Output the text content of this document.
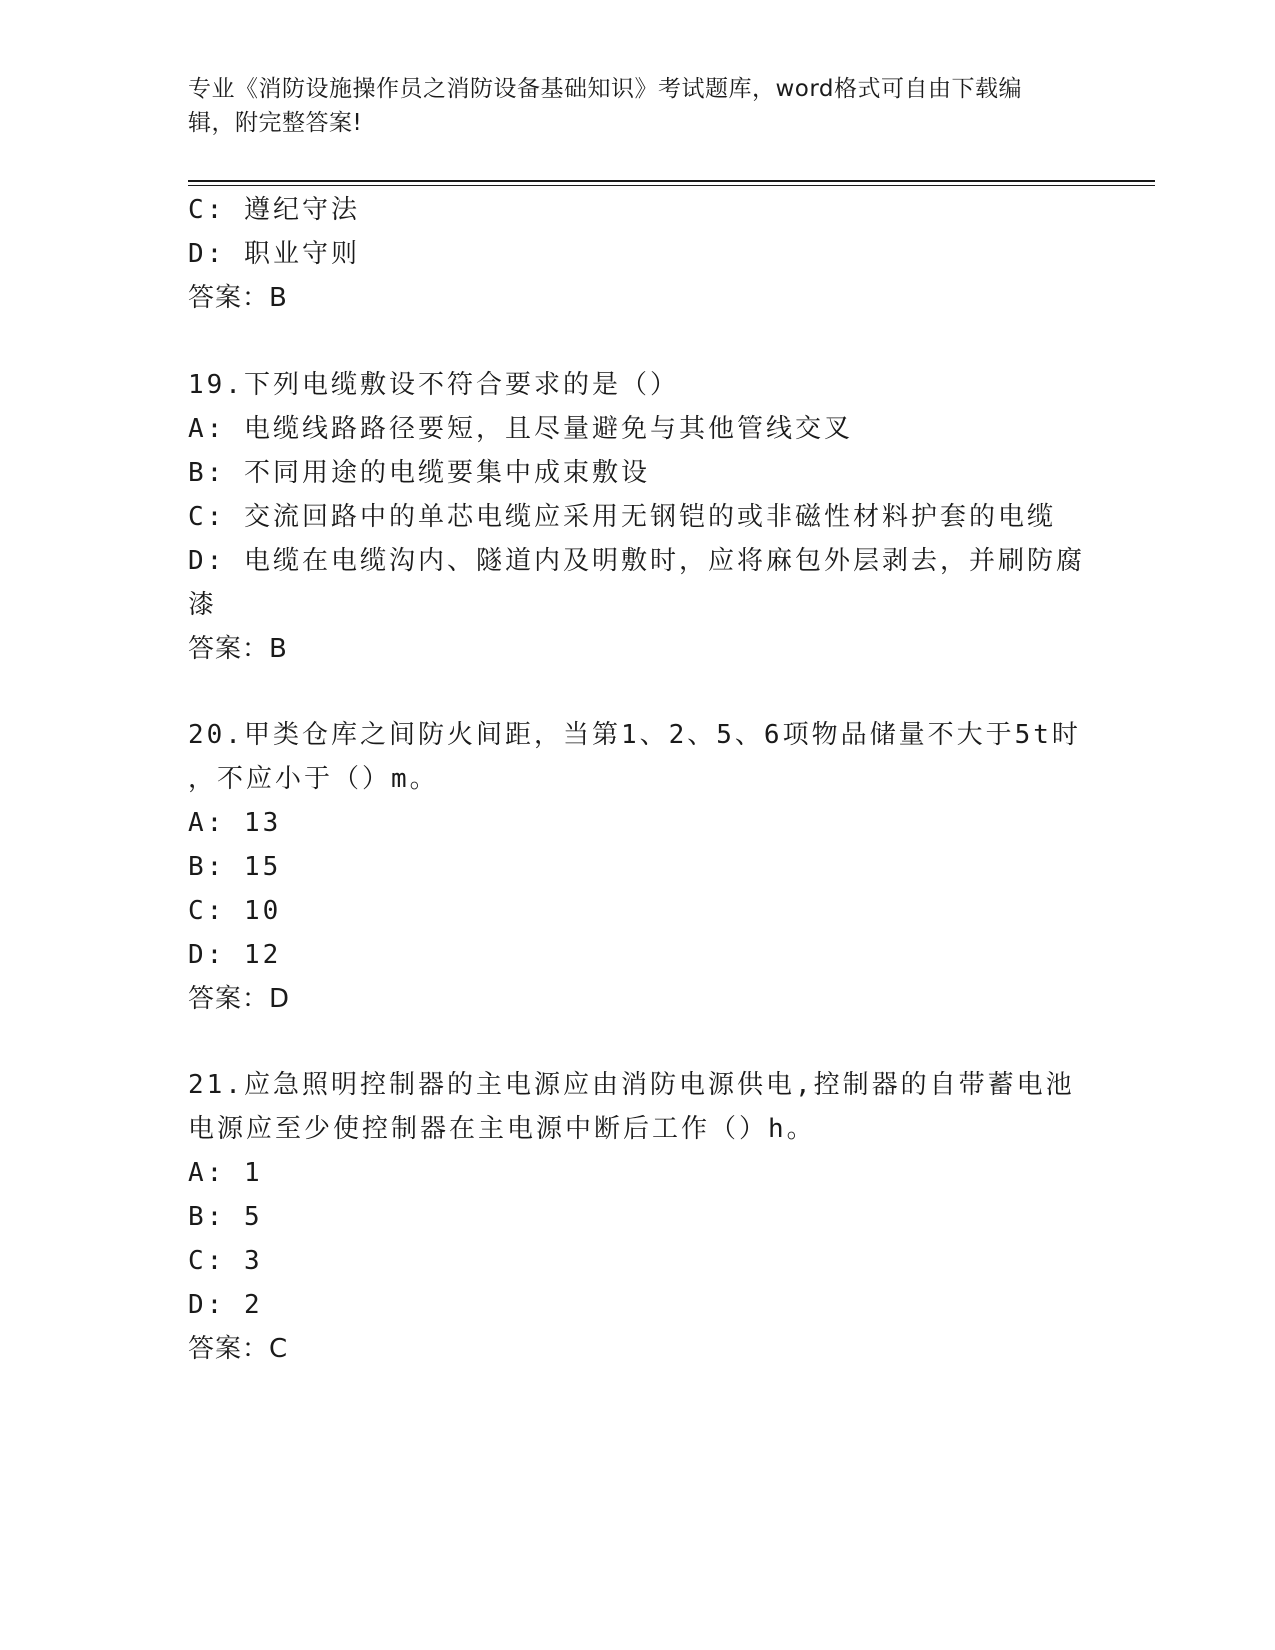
专业《消防设施操作员之消防设备基础知识》考试题库，word格式可自由下载编
辑，附完整答案!
C: 遵纪守法
D: 职业守则
答案：B
19.下列电缆敷设不符合要求的是（）
A: 电缆线路路径要短，且尽量避免与其他管线交叉
B: 不同用途的电缆要集中成束敷设
C: 交流回路中的单芯电缆应采用无钢铠的或非磁性材料护套的电缆
D: 电缆在电缆沟内、隧道内及明敷时，应将麻包外层剥去，并刷防腐
漆
答案：B
20.甲类仓库之间防火间距，当第1、2、5、6项物品储量不大于5t时
，不应小于（）m。
A: 13
B: 15
C: 10
D: 12
答案：D
21.应急照明控制器的主电源应由消防电源供电,控制器的自带蓄电池
电源应至少使控制器在主电源中断后工作（）h。
A: 1
B: 5
C: 3
D: 2
答案：C
